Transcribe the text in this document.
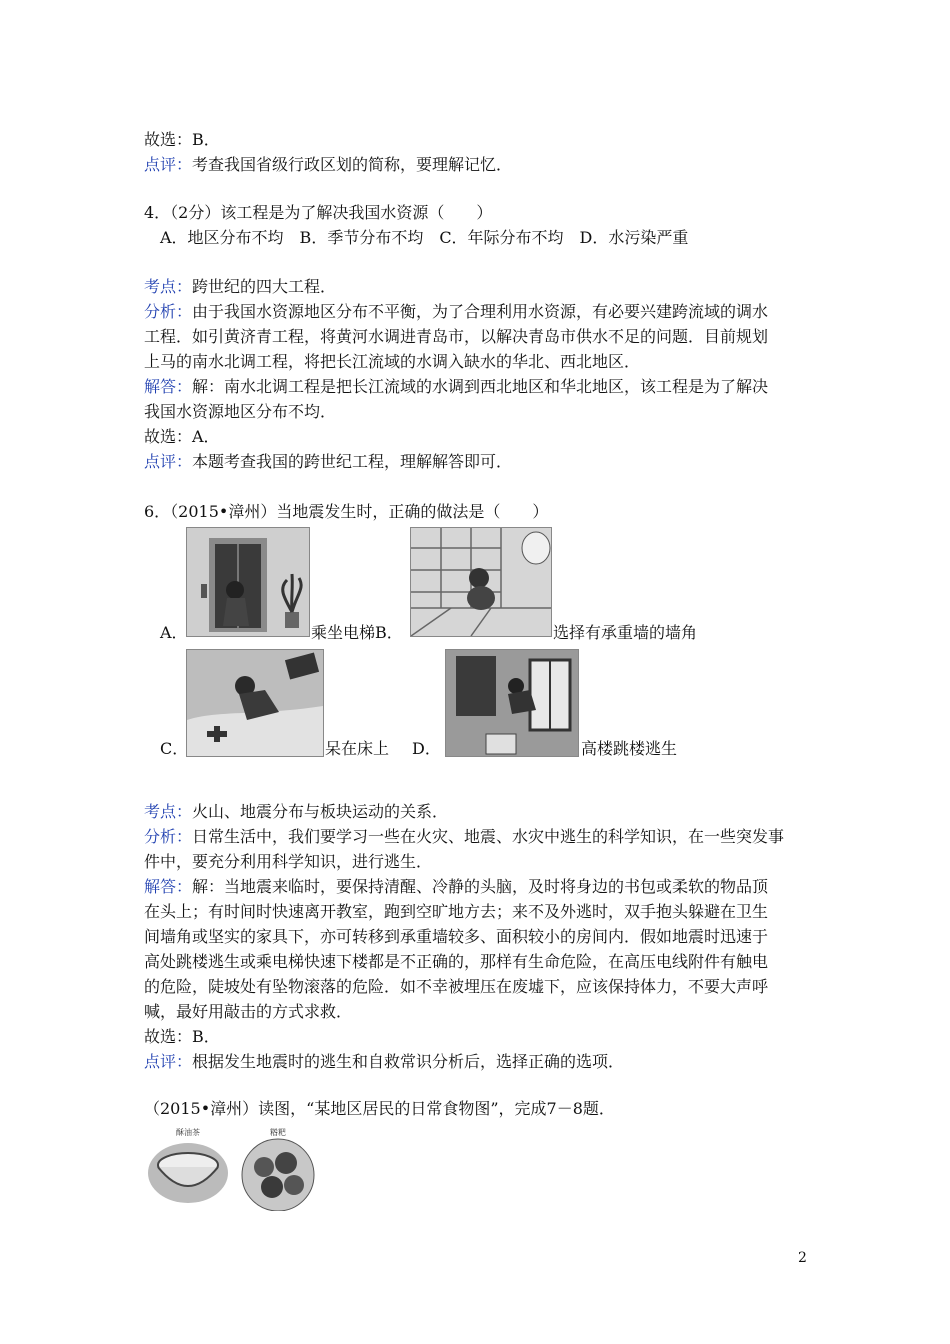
故选：B．
点评：考查我国省级行政区划的简称，要理解记忆．
4．（2分）该工程是为了解决我国水资源（　　）
A．地区分布不均　B．季节分布不均　C．年际分布不均　D．水污染严重
考点：跨世纪的四大工程．
分析：由于我国水资源地区分布不平衡，为了合理利用水资源，有必要兴建跨流域的调水
工程．如引黄济青工程，将黄河水调进青岛市，以解决青岛市供水不足的问题．目前规划
上马的南水北调工程，将把长江流域的水调入缺水的华北、西北地区．
解答：解：南水北调工程是把长江流域的水调到西北地区和华北地区，该工程是为了解决
我国水资源地区分布不均．
故选：A．
点评：本题考查我国的跨世纪工程，理解解答即可．
6．（2015•漳州）当地震发生时，正确的做法是（　　）
A．	乘坐电梯B．	选择有承重墙的墙角
C．	呆在床上 D．	高楼跳楼逃生
考点：火山、地震分布与板块运动的关系．
分析：日常生活中，我们要学习一些在火灾、地震、水灾中逃生的科学知识，在一些突发事
件中，要充分利用科学知识，进行逃生．
解答：解：当地震来临时，要保持清醒、冷静的头脑，及时将身边的书包或柔软的物品顶
在头上；有时间时快速离开教室，跑到空旷地方去；来不及外逃时，双手抱头躲避在卫生
间墙角或坚实的家具下，亦可转移到承重墙较多、面积较小的房间内．假如地震时迅速于
高处跳楼逃生或乘电梯快速下楼都是不正确的，那样有生命危险，在高压电线附件有触电
的危险，陡坡处有坠物滚落的危险．如不幸被埋压在废墟下，应该保持体力，不要大声呼
喊，最好用敲击的方式求救．
故选：B．
点评：根据发生地震时的逃生和自救常识分析后，选择正确的选项．
（2015•漳州）读图，“某地区居民的日常食物图”，完成7－8题．
酥油茶	糌粑
2
